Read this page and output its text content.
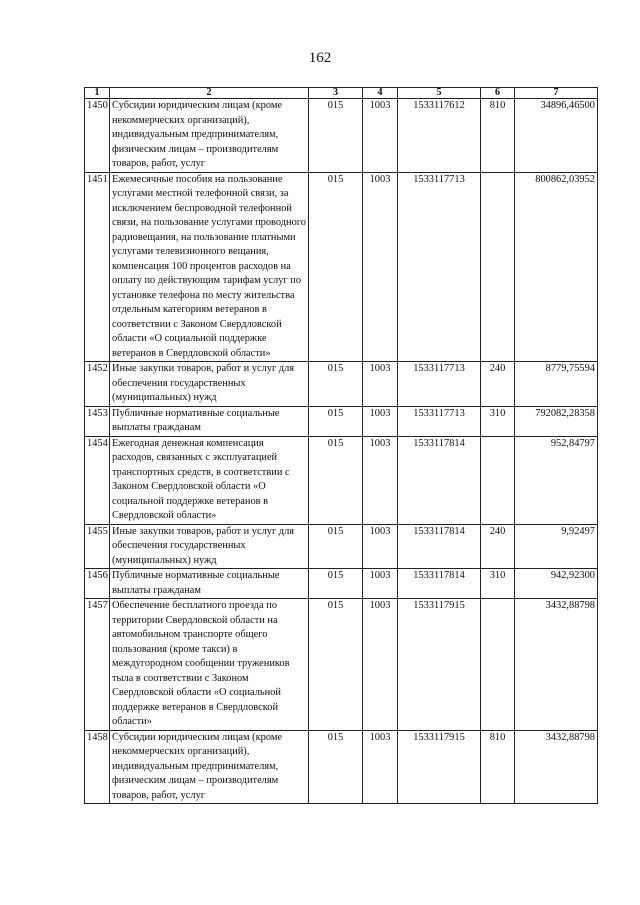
162
1	2	3	4	5	6	7
1450	Субсидии юридическим лицам (кроме некоммерческих организаций), индивидуальным предпринимателям, физическим лицам – производителям товаров, работ, услуг	015	1003	1533117612	810	34896,46500
1451	Ежемесячные пособия на пользование услугами местной телефонной связи, за исключением беспроводной телефонной связи, на пользование услугами проводного радиовещания, на пользование платными услугами телевизионного вещания, компенсация 100 процентов расходов на оплату по действующим тарифам услуг по установке телефона по месту жительства отдельным категориям ветеранов в соответствии с Законом Свердловской области «О социальной поддержке ветеранов в Свердловской области»	015	1003	1533117713		800862,03952
1452	Иные закупки товаров, работ и услуг для обеспечения государственных (муниципальных) нужд	015	1003	1533117713	240	8779,75594
1453	Публичные нормативные социальные выплаты гражданам	015	1003	1533117713	310	792082,28358
1454	Ежегодная денежная компенсация расходов, связанных с эксплуатацией транспортных средств, в соответствии с Законом Свердловской области «О социальной поддержке ветеранов в Свердловской области»	015	1003	1533117814		952,84797
1455	Иные закупки товаров, работ и услуг для обеспечения государственных (муниципальных) нужд	015	1003	1533117814	240	9,92497
1456	Публичные нормативные социальные выплаты гражданам	015	1003	1533117814	310	942,92300
1457	Обеспечение бесплатного проезда по территории Свердловской области на автомобильном транспорте общего пользования (кроме такси) в междугородном сообщении тружеников тыла в соответствии с Законом Свердловской области «О социальной поддержке ветеранов в Свердловской области»	015	1003	1533117915		3432,88798
1458	Субсидии юридическим лицам (кроме некоммерческих организаций), индивидуальным предпринимателям, физическим лицам – производителям товаров, работ, услуг	015	1003	1533117915	810	3432,88798
